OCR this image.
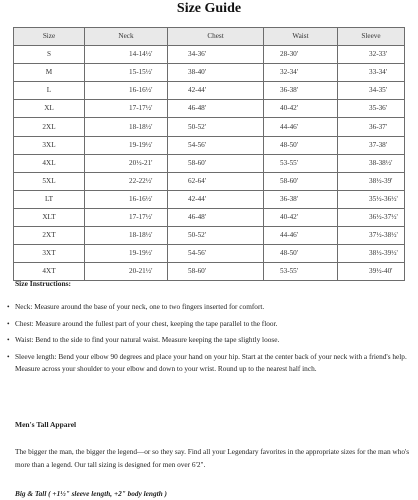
Size Guide
Size	Neck	Chest	Waist	Sleeve
S	14-14½'	34-36'	28-30'	32-33'
M	15-15½'	38-40'	32-34'	33-34'
L	16-16½'	42-44'	36-38'	34-35'
XL	17-17½'	46-48'	40-42'	35-36'
2XL	18-18½'	50-52'	44-46'	36-37'
3XL	19-19½'	54-56'	48-50'	37-38'
4XL	20½-21'	58-60'	53-55'	38-38½'
5XL	22-22½'	62-64'	58-60'	38½-39'
LT	16-16½'	42-44'	36-38'	35½-36½'
XLT	17-17½'	46-48'	40-42'	36½-37½'
2XT	18-18½'	50-52'	44-46'	37½-38½'
3XT	19-19½'	54-56'	48-50'	38½-39½'
4XT	20-21½'	58-60'	53-55'	39½-40'
Size Instructions:
• Neck: Measure around the base of your neck, one to two fingers inserted for comfort.
• Chest: Measure around the fullest part of your chest, keeping the tape parallel to the floor.
• Waist: Bend to the side to find your natural waist. Measure keeping the tape slightly loose.
• Sleeve length: Bend your elbow 90 degrees and place your hand on your hip. Start at the center back of your neck with a friend's help. Measure across your shoulder to your elbow and down to your wrist. Round up to the nearest half inch.
Men's Tall Apparel

The bigger the man, the bigger the legend—or so they say. Find all your Legendary favorites in the appropriate sizes for the man who's more than a legend. Our tall sizing is designed for men over 6'2".

Big & Tall ( +1½" sleeve length, +2" body length )
